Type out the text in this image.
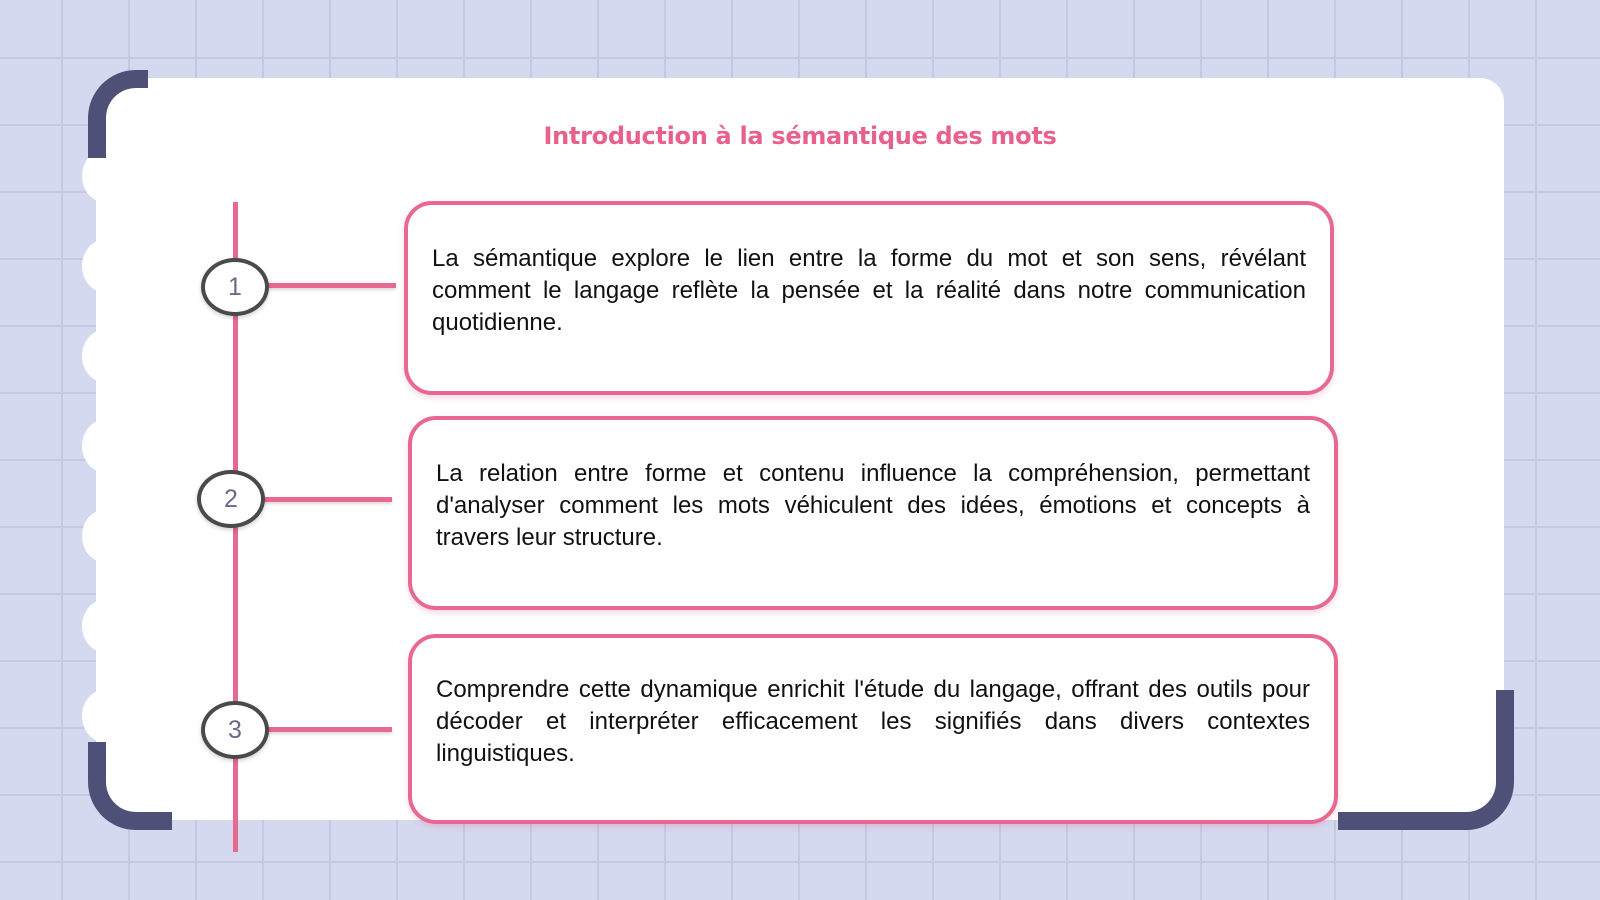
Introduction à la sémantique des mots
1
2
3

La sémantique explore le lien entre la forme du mot et son sens, révélant comment le langage reflète la pensée et la réalité dans notre communication quotidienne.

La relation entre forme et contenu influence la compréhension, permettant d'analyser comment les mots véhiculent des idées, émotions et concepts à travers leur structure.

Comprendre cette dynamique enrichit l'étude du langage, offrant des outils pour décoder et interpréter efficacement les signifiés dans divers contextes linguistiques.
